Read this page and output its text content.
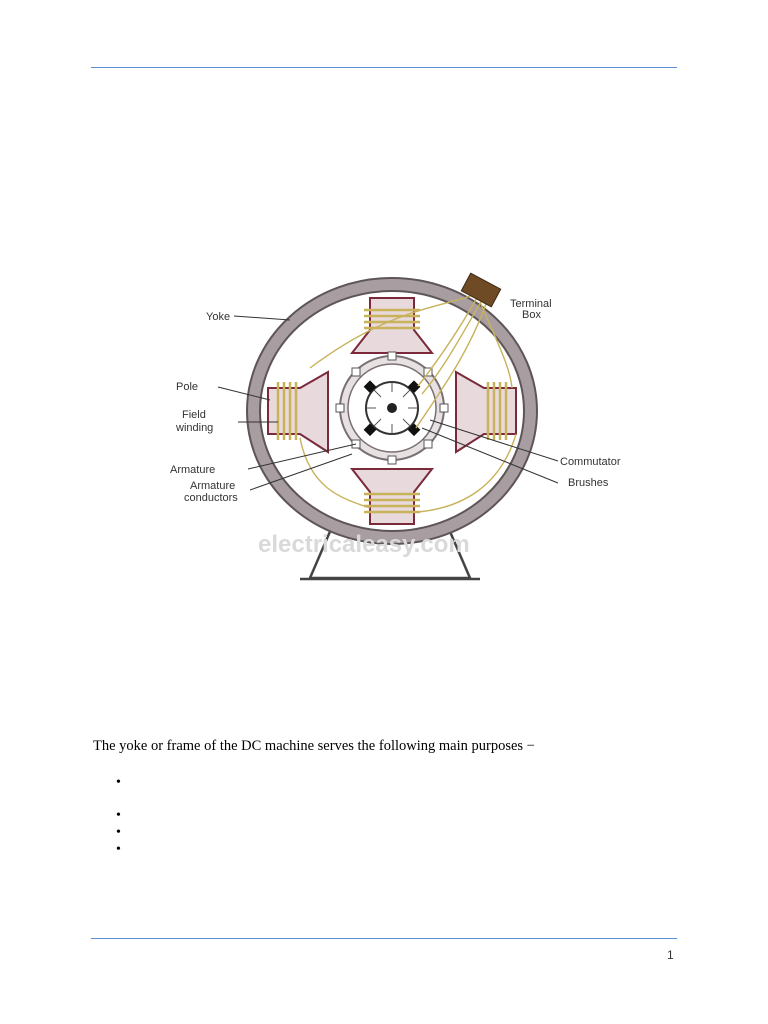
Yoke
Pole
Field
winding
Armature
Armature
conductors
Terminal
Box
Commutator
Brushes
electricaleasy.com
The yoke or frame of the DC machine serves the following main purposes −
•
•
•
•
1
